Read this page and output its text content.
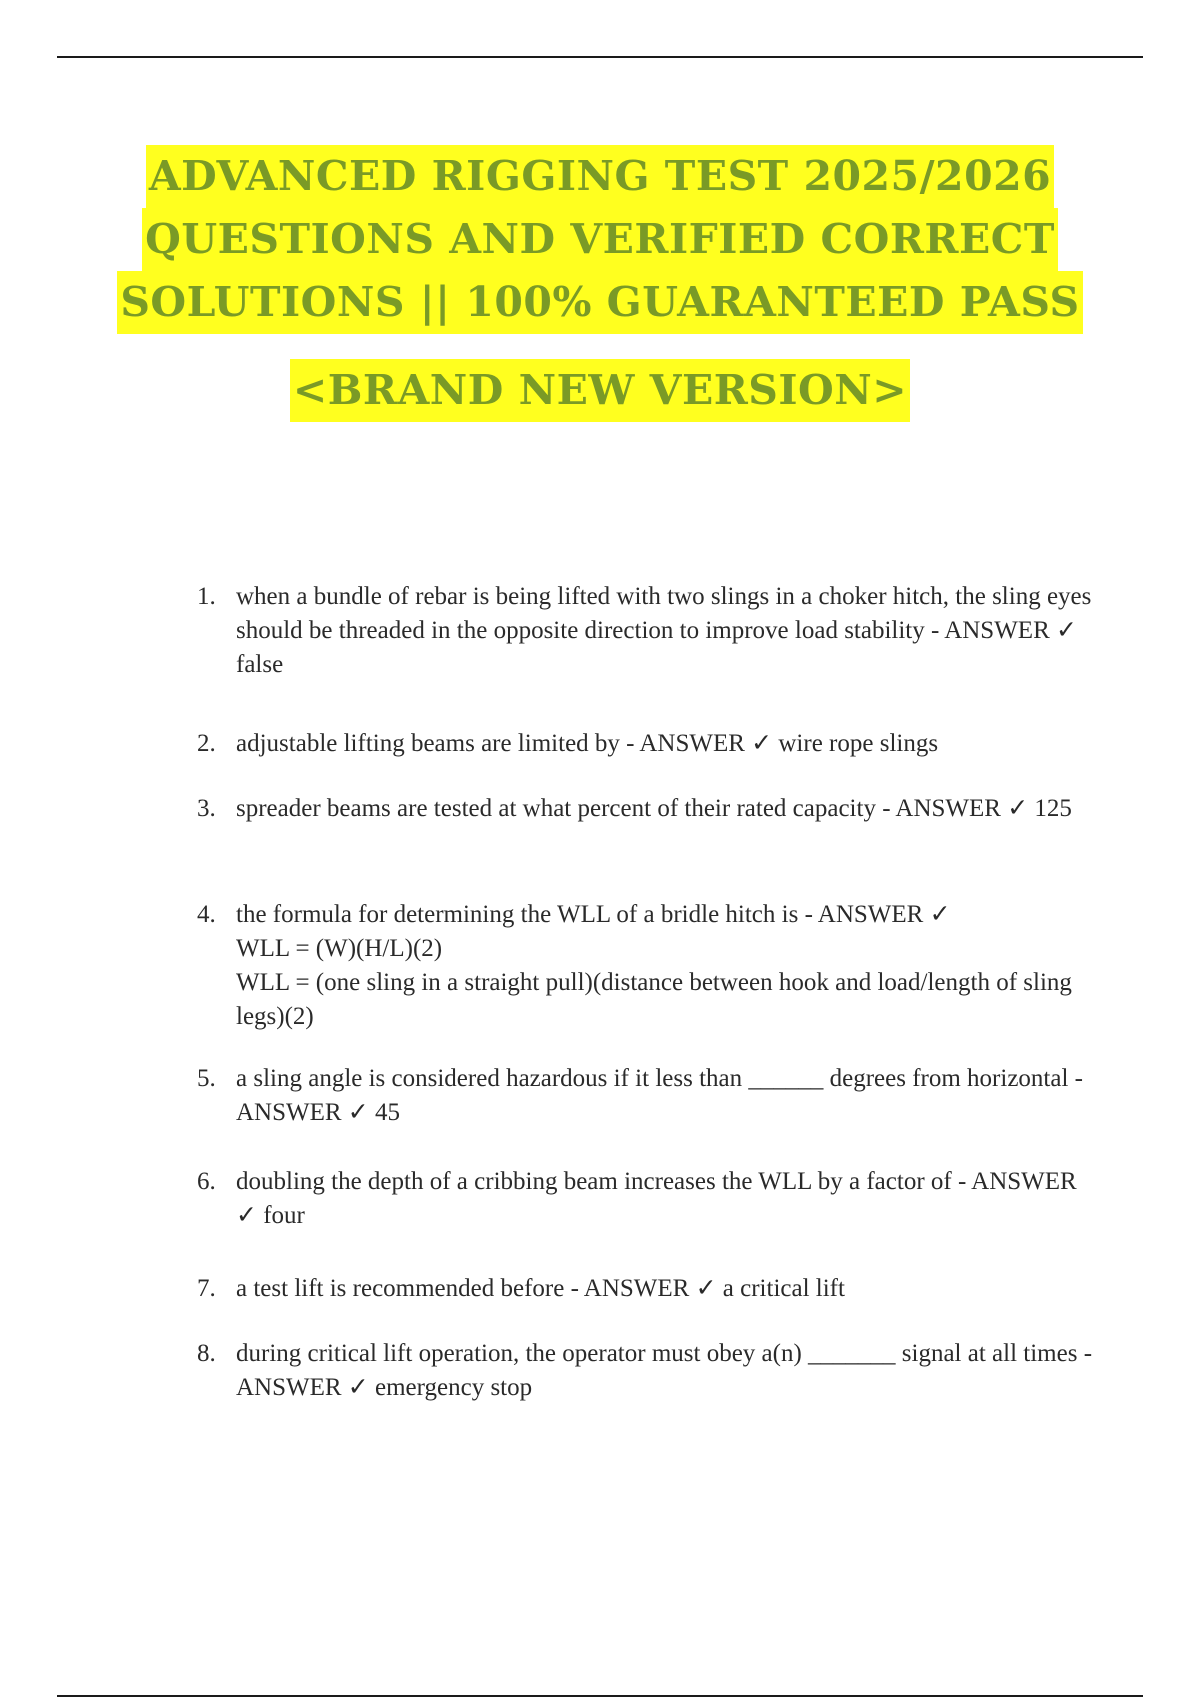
ADVANCED RIGGING TEST 2025/2026
QUESTIONS AND VERIFIED CORRECT
SOLUTIONS || 100% GUARANTEED PASS
<BRAND NEW VERSION>
1. when a bundle of rebar is being lifted with two slings in a choker hitch, the sling eyes should be threaded in the opposite direction to improve load stability - ANSWER ✓ false
2. adjustable lifting beams are limited by - ANSWER ✓ wire rope slings
3. spreader beams are tested at what percent of their rated capacity - ANSWER ✓ 125
4. the formula for determining the WLL of a bridle hitch is - ANSWER ✓
WLL = (W)(H/L)(2)
WLL = (one sling in a straight pull)(distance between hook and load/length of sling legs)(2)
5. a sling angle is considered hazardous if it less than ______ degrees from horizontal - ANSWER ✓ 45
6. doubling the depth of a cribbing beam increases the WLL by a factor of - ANSWER ✓ four
7. a test lift is recommended before - ANSWER ✓ a critical lift
8. during critical lift operation, the operator must obey a(n) _______ signal at all times - ANSWER ✓ emergency stop
